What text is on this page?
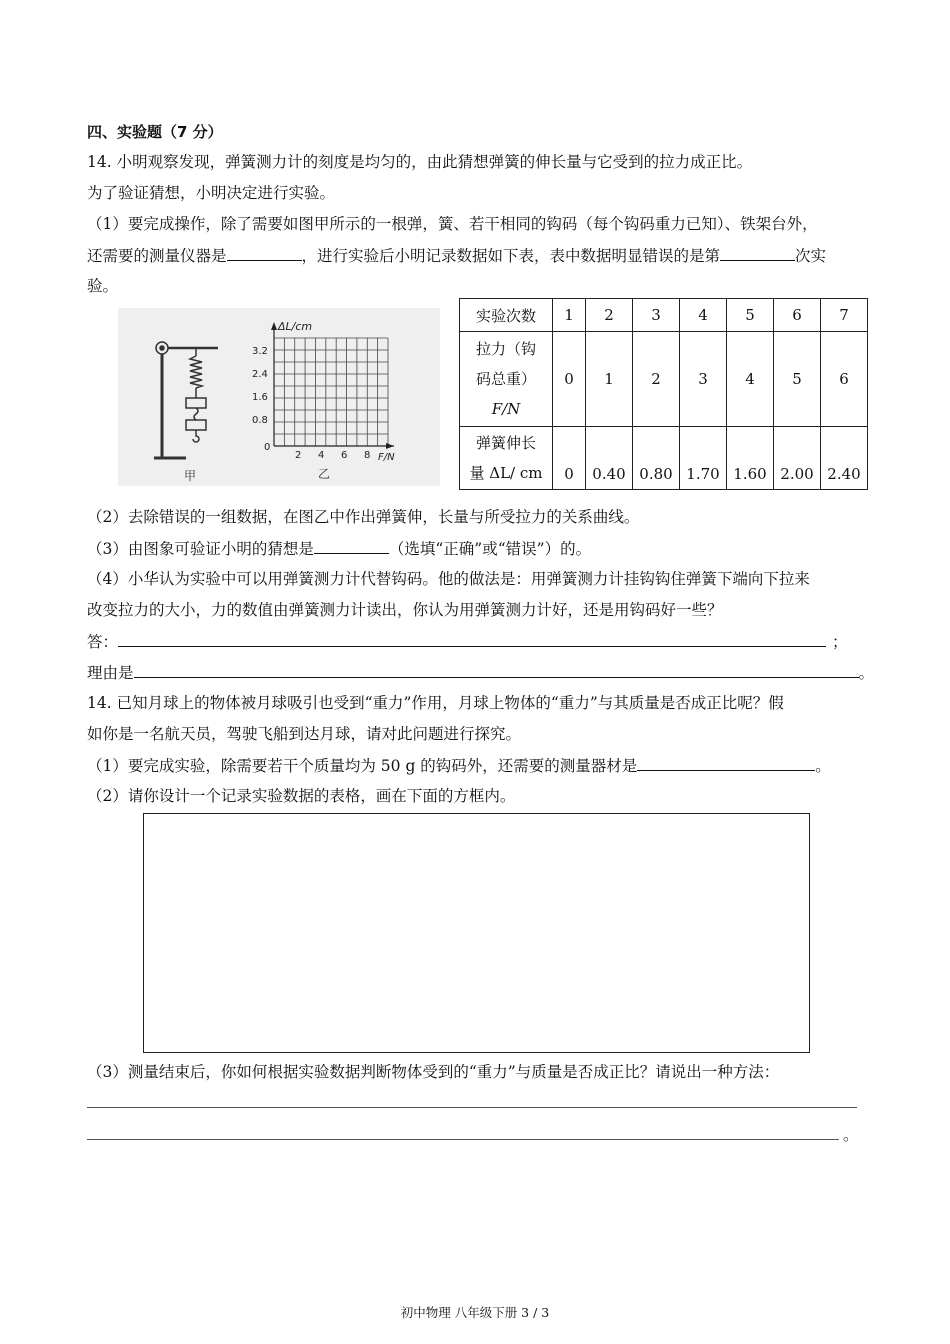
四、实验题（7 分）
14. 小明观察发现，弹簧测力计的刻度是均匀的，由此猜想弹簧的伸长量与它受到的拉力成正比。
为了验证猜想，小明决定进行实验。
（1）要完成操作，除了需要如图甲所示的一根弹，簧、若干相同的钩码（每个钩码重力已知）、铁架台外，
还需要的测量仪器是	，进行实验后小明记录数据如下表，表中数据明显错误的是第	次实
验。
甲
ΔL/cm
F/N
3.2
2.4
1.6
0.8
0
2 4 6 8
乙
实验次数	1	2	3	4	5	6	7

拉力（钩
码总重）
F/N	0	1	2	3	4	5	6

弹簧伸长
量 ΔL/ cm	0	0.40	0.80	1.70	1.60	2.00	2.40
（2）去除错误的一组数据，在图乙中作出弹簧伸，长量与所受拉力的关系曲线。
（3）由图象可验证小明的猜想是	（选填“正确”或“错误”）的。
（4）小华认为实验中可以用弹簧测力计代替钩码。他的做法是：用弹簧测力计挂钩钩住弹簧下端向下拉来
改变拉力的大小，力的数值由弹簧测力计读出，你认为用弹簧测力计好，还是用钩码好一些？
答：	；
理由是	。
14. 已知月球上的物体被月球吸引也受到“重力”作用，月球上物体的“重力”与其质量是否成正比呢？假
如你是一名航天员，驾驶飞船到达月球，请对此问题进行探究。
（1）要完成实验，除需要若干个质量均为 50 g 的钩码外，还需要的测量器材是	。
（2）请你设计一个记录实验数据的表格，画在下面的方框内。
（3）测量结束后，你如何根据实验数据判断物体受到的“重力”与质量是否成正比？请说出一种方法：
。
初中物理 八年级下册 3 / 3
